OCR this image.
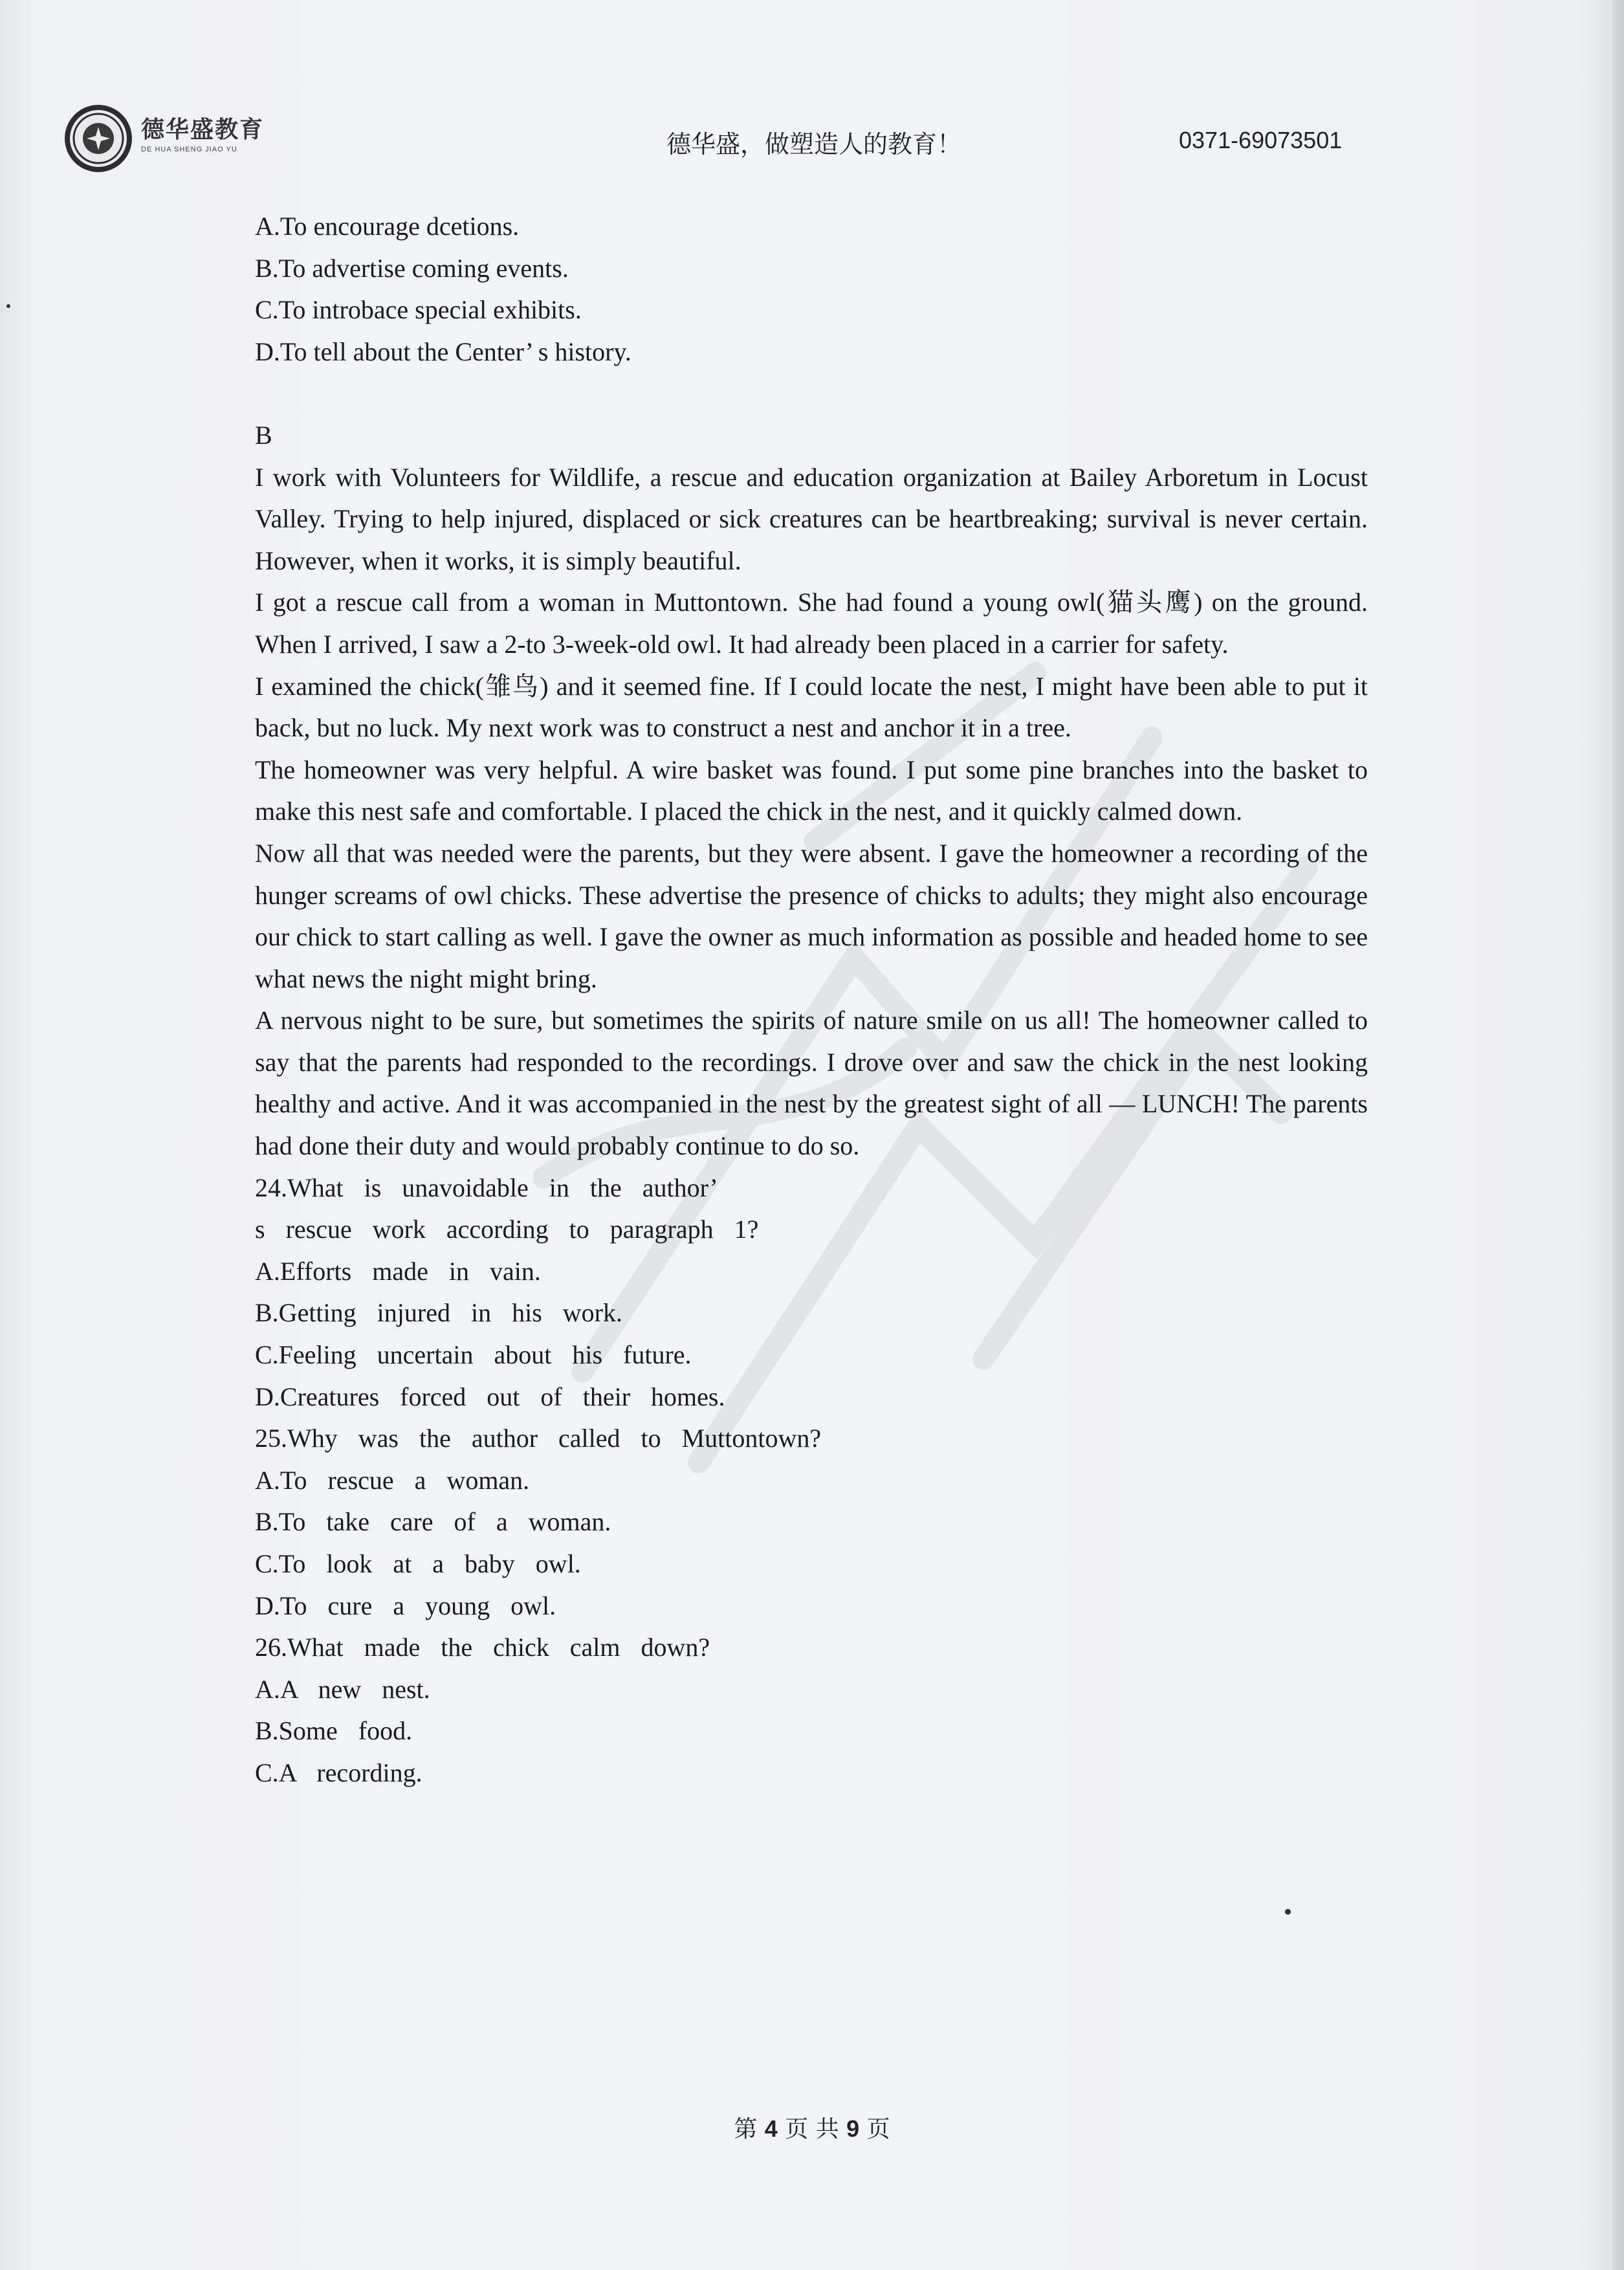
德华盛教育
DE HUA SHENG JIAO YU	德华盛，做塑造人的教育！	0371-69073501
A.To encourage dcetions.
B.To advertise coming events.
C.To introbace special exhibits.
D.To tell about the Center’ s history.
B
I work with Volunteers for Wildlife, a rescue and education organization at Bailey Arboretum in Locust Valley. Trying to help injured, displaced or sick creatures can be heartbreaking; survival is never certain. However, when it works, it is simply beautiful.
I got a rescue call from a woman in Muttontown. She had found a young owl(猫头鹰) on the ground. When I arrived, I saw a 2-to 3-week-old owl. It had already been placed in a carrier for safety.
I examined the chick(雏鸟) and it seemed fine. If I could locate the nest, I might have been able to put it back, but no luck. My next work was to construct a nest and anchor it in a tree.
The homeowner was very helpful. A wire basket was found. I put some pine branches into the basket to make this nest safe and comfortable. I placed the chick in the nest, and it quickly calmed down.
Now all that was needed were the parents, but they were absent. I gave the homeowner a recording of the hunger screams of owl chicks. These advertise the presence of chicks to adults; they might also encourage our chick to start calling as well. I gave the owner as much information as possible and headed home to see what news the night might bring.
A nervous night to be sure, but sometimes the spirits of nature smile on us all! The homeowner called to say that the parents had responded to the recordings. I drove over and saw the chick in the nest looking healthy and active. And it was accompanied in the nest by the greatest sight of all — LUNCH! The parents had done their duty and would probably continue to do so.
24.What is unavoidable in the author’
s rescue work according to paragraph 1?
A.Efforts made in vain.
B.Getting injured in his work.
C.Feeling uncertain about his future.
D.Creatures forced out of their homes.
25.Why was the author called to Muttontown?
A.To rescue a woman.
B.To take care of a woman.
C.To look at a baby owl.
D.To cure a young owl.
26.What made the chick calm down?
A.A new nest.
B.Some food.
C.A recording.
第 4 页 共 9 页
